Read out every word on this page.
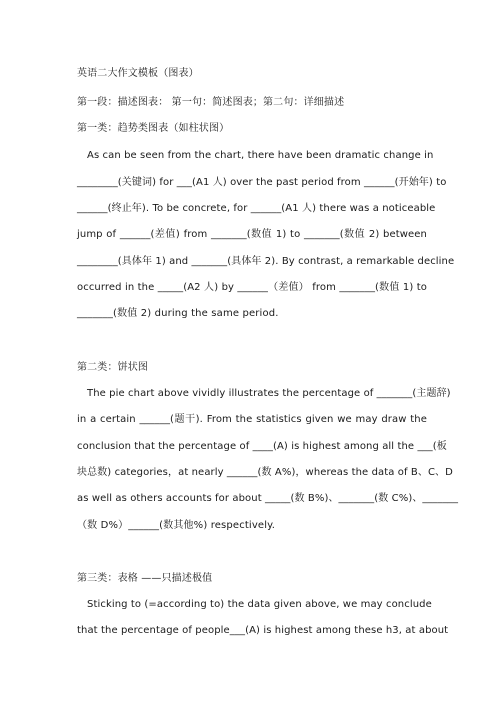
英语二大作文模板（图表）
第一段：描述图表： 第一句：简述图表；第二句：详细描述
第一类：趋势类图表（如柱状图）
As can be seen from the chart, there have been dramatic change in
________(关键词) for ___(A1 人) over the past period from ______(开始年) to
______(终止年). To be concrete, for ______(A1 人) there was a noticeable
jump of ______(差值) from _______(数值 1) to _______(数值 2) between
________(具体年 1) and _______(具体年 2). By contrast, a remarkable decline
occurred in the _____(A2 人) by ______（差值） from _______(数值 1) to
_______(数值 2) during the same period.
第二类：饼状图
The pie chart above vividly illustrates the percentage of _______(主题辞)
in a certain ______(题干). From the statistics given we may draw the
conclusion that the percentage of ____(A) is highest among all the ___(板
块总数) categories，at nearly ______(数 A%)，whereas the data of B、C、D
as well as others accounts for about _____(数 B%)、_______(数 C%)、_______
（数 D%）______(数其他%) respectively.
第三类：表格 ——只描述极值
Sticking to (=according to) the data given above, we may conclude
that the percentage of people___(A) is highest among these h3, at about
